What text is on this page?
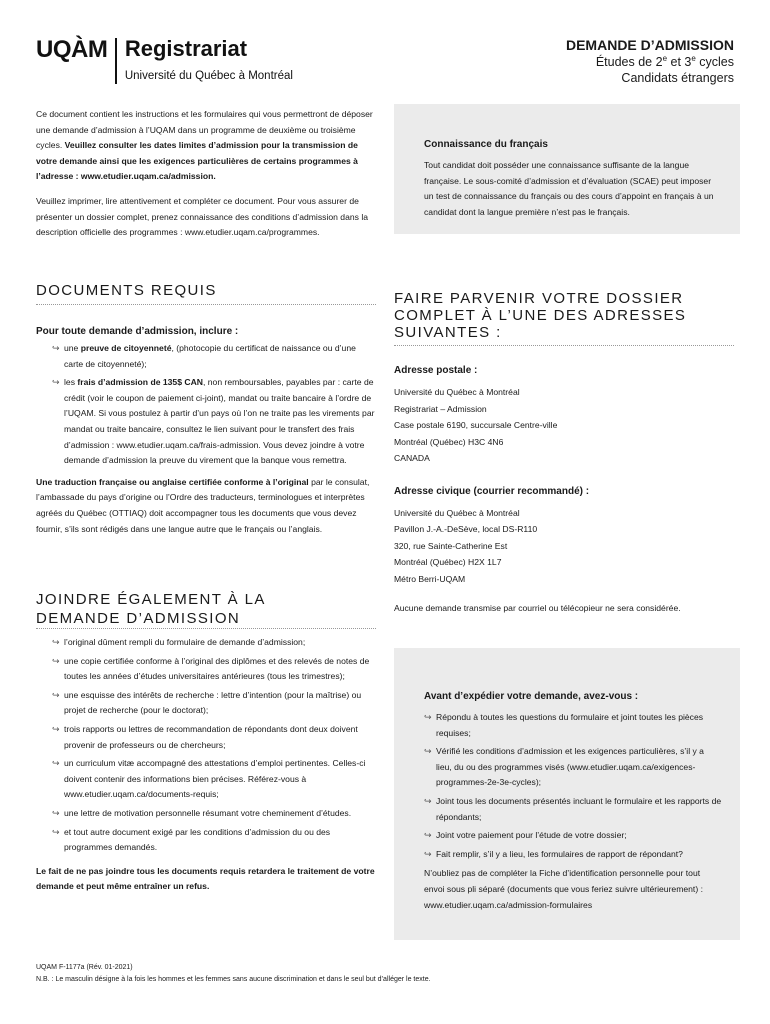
UQÀM Registrariat
Université du Québec à Montréal
DEMANDE D’ADMISSION
Études de 2e et 3e cycles
Candidats étrangers

Ce document contient les instructions et les formulaires qui vous permettront de déposer une demande d’admission à l’UQAM dans un programme de deuxième ou troisième cycles. Veuillez consulter les dates limites d’admission pour la transmission de votre demande ainsi que les exigences particulières de certains programmes à l’adresse : www.etudier.uqam.ca/admission.

Veuillez imprimer, lire attentivement et compléter ce document. Pour vous assurer de présenter un dossier complet, prenez connaissance des conditions d’admission dans la description officielle des programmes : www.etudier.uqam.ca/programmes.

Connaissance du français

Tout candidat doit posséder une connaissance suffisante de la langue française. Le sous-comité d’admission et d’évaluation (SCAE) peut imposer un test de connaissance du français ou des cours d’appoint en français à un candidat dont la langue première n’est pas le français.

DOCUMENTS REQUIS
Pour toute demande d’admission, inclure :
↪ une preuve de citoyenneté, (photocopie du certificat de naissance ou d’une carte de citoyenneté);
↪ les frais d’admission de 135$ CAN, non remboursables, payables par : carte de crédit (voir le coupon de paiement ci-joint), mandat ou traite bancaire à l’ordre de l’UQAM. Si vous postulez à partir d’un pays où l’on ne traite pas les virements par mandat ou traite bancaire, consultez le lien suivant pour le transfert des frais d’admission : www.etudier.uqam.ca/frais-admission. Vous devez joindre à votre demande d’admission la preuve du virement que la banque vous remettra.

Une traduction française ou anglaise certifiée conforme à l’original par le consulat, l’ambassade du pays d’origine ou l’Ordre des traducteurs, terminologues et interprètes agréés du Québec (OTTIAQ) doit accompagner tous les documents que vous devez fournir, s’ils sont rédigés dans une langue autre que le français ou l’anglais.

JOINDRE ÉGALEMENT À LA
DEMANDE D’ADMISSION
↪ l’original dûment rempli du formulaire de demande d’admission;
↪ une copie certifiée conforme à l’original des diplômes et des relevés de notes de toutes les années d’études universitaires antérieures (tous les trimestres);
↪ une esquisse des intérêts de recherche : lettre d’intention (pour la maîtrise) ou projet de recherche (pour le doctorat);
↪ trois rapports ou lettres de recommandation de répondants dont deux doivent provenir de professeurs ou de chercheurs;
↪ un curriculum vitæ accompagné des attestations d’emploi pertinentes. Celles-ci doivent contenir des informations bien précises. Référez-vous à www.etudier.uqam.ca/documents-requis;
↪ une lettre de motivation personnelle résumant votre cheminement d’études.
↪ et tout autre document exigé par les conditions d’admission du ou des programmes demandés.

Le fait de ne pas joindre tous les documents requis retardera le traitement de votre demande et peut même entraîner un refus.

FAIRE PARVENIR VOTRE DOSSIER
COMPLET À L’UNE DES ADRESSES
SUIVANTES :
Adresse postale :

Université du Québec à Montréal

Registrariat – Admission

Case postale 6190, succursale Centre-ville

Montréal (Québec) H3C 4N6

CANADA

Adresse civique (courrier recommandé) :

Université du Québec à Montréal

Pavillon J.-A.-DeSève, local DS-R110

320, rue Sainte-Catherine Est

Montréal (Québec) H2X 1L7

Métro Berri-UQAM

Aucune demande transmise par courriel ou télécopieur ne sera considérée.

Avant d’expédier votre demande, avez-vous :
↪ Répondu à toutes les questions du formulaire et joint toutes les pièces requises;
↪ Vérifié les conditions d’admission et les exigences particulières, s’il y a lieu, du ou des programmes visés (www.etudier.uqam.ca/exigences-programmes-2e-3e-cycles);
↪ Joint tous les documents présentés incluant le formulaire et les rapports de répondants;
↪ Joint votre paiement pour l’étude de votre dossier;
↪ Fait remplir, s’il y a lieu, les formulaires de rapport de répondant?

N’oubliez pas de compléter la Fiche d’identification personnelle pour tout envoi sous pli séparé (documents que vous feriez suivre ultérieurement) : www.etudier.uqam.ca/admission-formulaires

UQAM F-1177a (Rév. 01-2021)

N.B. : Le masculin désigne à la fois les hommes et les femmes sans aucune discrimination et dans le seul but d’alléger le texte.
